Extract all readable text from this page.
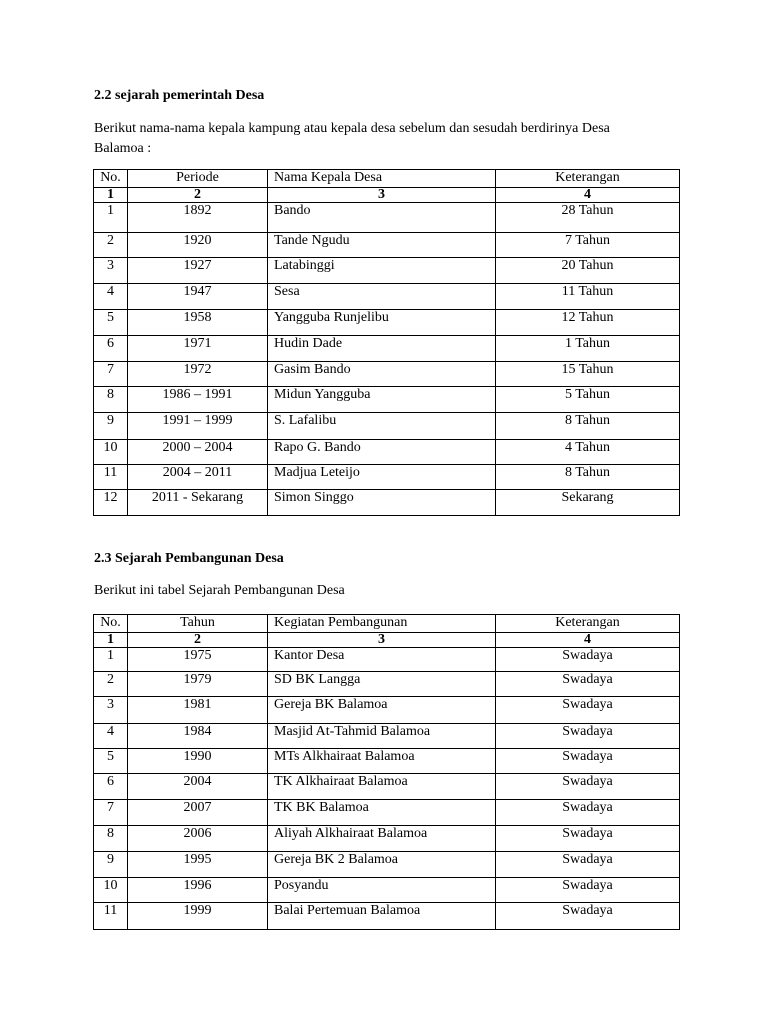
2.2 sejarah pemerintah Desa

Berikut nama-nama kepala kampung atau kepala desa sebelum dan sesudah berdirinya Desa
Balamoa :

No.	Periode	Nama Kepala Desa	Keterangan
1	2	3	4
1	1892	Bando	28 Tahun
2	1920	Tande Ngudu	7 Tahun
3	1927	Latabinggi	20 Tahun
4	1947	Sesa	11 Tahun
5	1958	Yangguba Runjelibu	12 Tahun
6	1971	Hudin Dade	1 Tahun
7	1972	Gasim Bando	15 Tahun
8	1986 – 1991	Midun Yangguba	5 Tahun
9	1991 – 1999	S. Lafalibu	8 Tahun
10	2000 – 2004	Rapo G. Bando	4 Tahun
11	2004 – 2011	Madjua Leteijo	8 Tahun
12	2011 - Sekarang	Simon Singgo	Sekarang
2.3 Sejarah Pembangunan Desa

Berikut ini tabel Sejarah Pembangunan Desa

No.	Tahun	Kegiatan Pembangunan	Keterangan
1	2	3	4
1	1975	Kantor Desa	Swadaya
2	1979	SD BK Langga	Swadaya
3	1981	Gereja BK Balamoa	Swadaya
4	1984	Masjid At-Tahmid Balamoa	Swadaya
5	1990	MTs Alkhairaat Balamoa	Swadaya
6	2004	TK Alkhairaat Balamoa	Swadaya
7	2007	TK BK Balamoa	Swadaya
8	2006	Aliyah Alkhairaat Balamoa	Swadaya
9	1995	Gereja BK 2 Balamoa	Swadaya
10	1996	Posyandu	Swadaya
11	1999	Balai Pertemuan Balamoa	Swadaya
